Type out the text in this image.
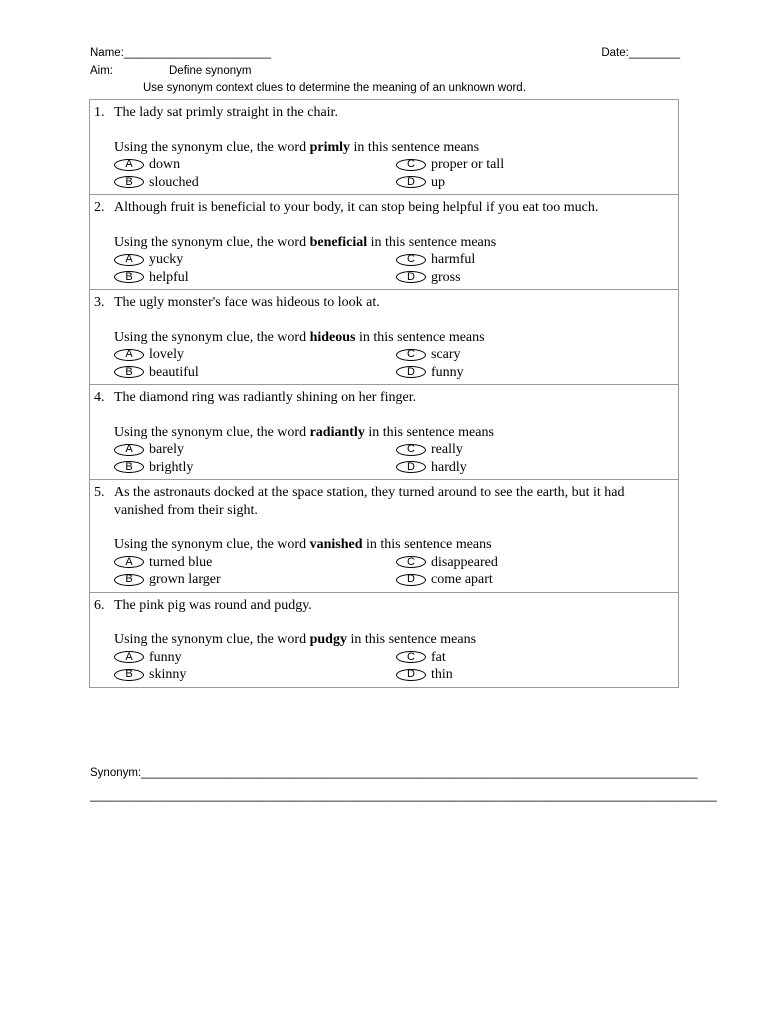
Name:_______________________	Date:________
Aim:	Define synonym
Use synonym context clues to determine the meaning of an unknown word.
1. The lady sat primly straight in the chair.
Using the synonym clue, the word primly in this sentence means
A	down	C	proper or tall
B	slouched	D	up
2. Although fruit is beneficial to your body, it can stop being helpful if you eat too much.
Using the synonym clue, the word beneficial in this sentence means
A	yucky	C	harmful
B	helpful	D	gross
3. The ugly monster's face was hideous to look at.
Using the synonym clue, the word hideous in this sentence means
A	lovely	C	scary
B	beautiful	D	funny
4. The diamond ring was radiantly shining on her finger.
Using the synonym clue, the word radiantly in this sentence means
A	barely	C	really
B	brightly	D	hardly
5. As the astronauts docked at the space station, they turned around to see the earth, but it had vanished from their sight.
Using the synonym clue, the word vanished in this sentence means
A	turned blue	C	disappeared
B	grown larger	D	come apart
6. The pink pig was round and pudgy.
Using the synonym clue, the word pudgy in this sentence means
A	funny	C	fat
B	skinny	D	thin
Synonym:_______________________________________________________________________________________
__________________________________________________________________________________________________
